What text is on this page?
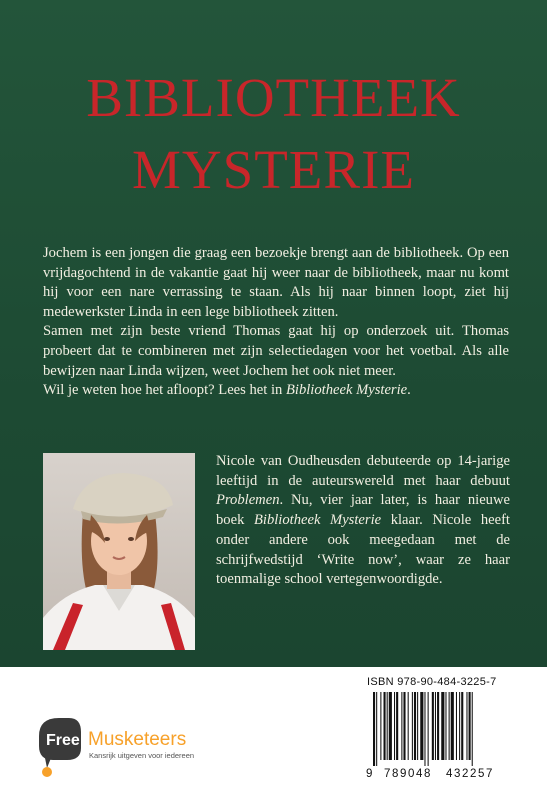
BIBLIOTHEEK
MYSTERIE

Jochem is een jongen die graag een bezoekje brengt aan de bibliotheek. Op een vrijdagochtend in de vakantie gaat hij weer naar de bibliotheek, maar nu komt hij voor een nare verrassing te staan. Als hij naar binnen loopt, ziet hij medewerkster Linda in een lege bibliotheek zitten.

Samen met zijn beste vriend Thomas gaat hij op onderzoek uit. Thomas probeert dat te combineren met zijn selectiedagen voor het voetbal. Als alle bewijzen naar Linda wijzen, weet Jochem het ook niet meer.

Wil je weten hoe het afloopt? Lees het in Bibliotheek Mysterie.

Nicole van Oudheusden debuteerde op 14-jarige leeftijd in de auteurswereld met haar debuut Problemen. Nu, vier jaar later, is haar nieuwe boek Bibliotheek Mysterie klaar. Nicole heeft onder andere ook meegedaan met de schrijfwedstijd ‘Write now’, waar ze haar toenmalige school vertegenwoordigde.

ISBN 978-90-484-3225-7
9 789048 432257
Free Musketeers
Kansrijk uitgeven voor iedereen
